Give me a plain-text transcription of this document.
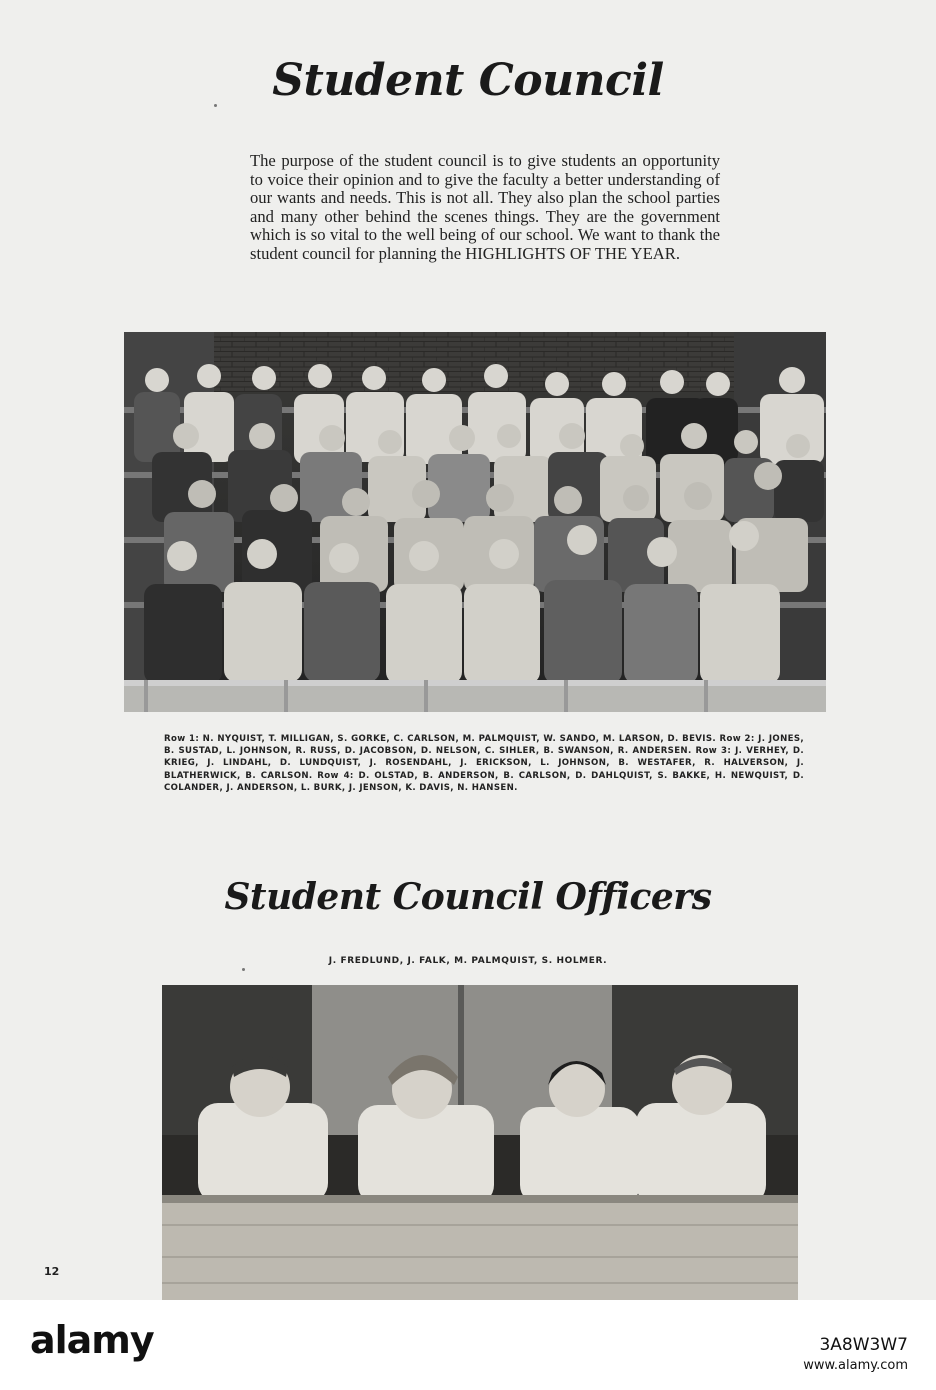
Student Council

The purpose of the student council is to give students an opportunity to voice their opinion and to give the faculty a better understanding of our wants and needs. This is not all. They also plan the school parties and many other behind the scenes things. They are the government which is so vital to the well being of our school. We want to thank the student council for planning the HIGHLIGHTS OF THE YEAR.

Row 1: N. NYQUIST, T. MILLIGAN, S. GORKE, C. CARLSON, M. PALMQUIST, W. SANDO, M. LARSON, D. BEVIS. Row 2: J. JONES, B. SUSTAD, L. JOHNSON, R. RUSS, D. JACOBSON, D. NELSON, C. SIHLER, B. SWANSON, R. ANDERSEN. Row 3: J. VERHEY, D. KRIEG, J. LINDAHL, D. LUNDQUIST, J. ROSENDAHL, J. ERICKSON, L. JOHNSON, B. WESTAFER, R. HALVERSON, J. BLATHERWICK, B. CARLSON. Row 4: D. OLSTAD, B. ANDERSON, B. CARLSON, D. DAHLQUIST, S. BAKKE, H. NEWQUIST, D. COLANDER, J. ANDERSON, L. BURK, J. JENSON, K. DAVIS, N. HANSEN.
Student Council Officers
J. FREDLUND, J. FALK, M. PALMQUIST, S. HOLMER.
12
alamy	3A8W3W7
www.alamy.com
